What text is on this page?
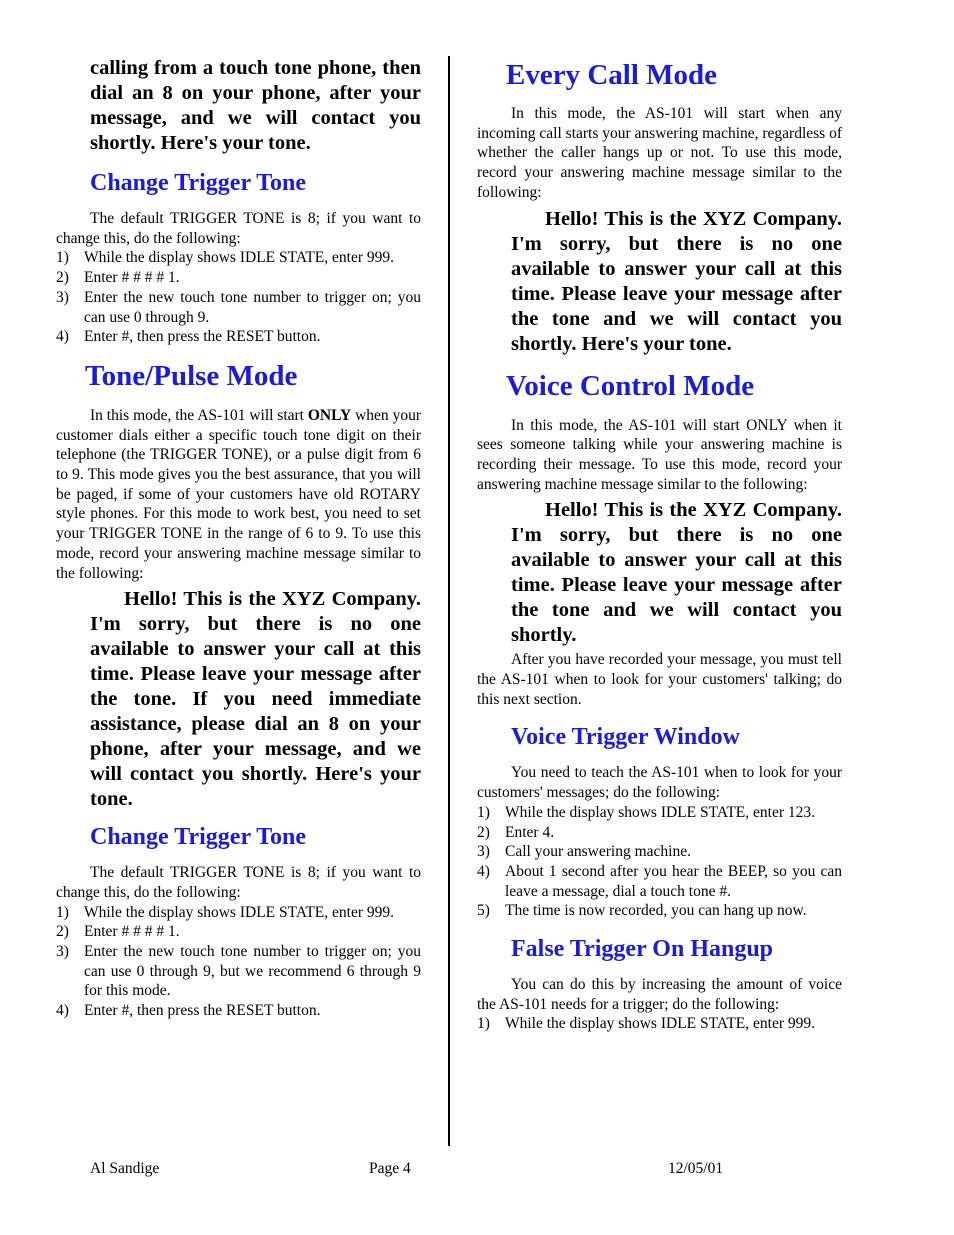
calling from a touch tone phone, then dial an 8 on your phone, after your message, and we will contact you shortly. Here's your tone.

Change Trigger Tone

The default TRIGGER TONE is 8; if you want to change this, do the following:

1) While the display shows IDLE STATE, enter 999.
2) Enter # # # # 1.
3) Enter the new touch tone number to trigger on; you can use 0 through 9.
4) Enter #, then press the RESET button.
Tone/Pulse Mode

In this mode, the AS-101 will start ONLY when your customer dials either a specific touch tone digit on their telephone (the TRIGGER TONE), or a pulse digit from 6 to 9. This mode gives you the best assurance, that you will be paged, if some of your customers have old ROTARY style phones. For this mode to work best, you need to set your TRIGGER TONE in the range of 6 to 9. To use this mode, record your answering machine message similar to the following:

Hello! This is the XYZ Company. I'm sorry, but there is no one available to answer your call at this time. Please leave your message after the tone. If you need immediate assistance, please dial an 8 on your phone, after your message, and we will contact you shortly. Here's your tone.

Change Trigger Tone

The default TRIGGER TONE is 8; if you want to change this, do the following:

1) While the display shows IDLE STATE, enter 999.
2) Enter # # # # 1.
3) Enter the new touch tone number to trigger on; you can use 0 through 9, but we recommend 6 through 9 for this mode.
4) Enter #, then press the RESET button.
Every Call Mode

In this mode, the AS-101 will start when any incoming call starts your answering machine, regardless of whether the caller hangs up or not. To use this mode, record your answering machine message similar to the following:

Hello! This is the XYZ Company. I'm sorry, but there is no one available to answer your call at this time. Please leave your message after the tone and we will contact you shortly. Here's your tone.

Voice Control Mode

In this mode, the AS-101 will start ONLY when it sees someone talking while your answering machine is recording their message. To use this mode, record your answering machine message similar to the following:

Hello! This is the XYZ Company. I'm sorry, but there is no one available to answer your call at this time. Please leave your message after the tone and we will contact you shortly.

After you have recorded your message, you must tell the AS-101 when to look for your customers' talking; do this next section.

Voice Trigger Window

You need to teach the AS-101 when to look for your customers' messages; do the following:

1) While the display shows IDLE STATE, enter 123.
2) Enter 4.
3) Call your answering machine.
4) About 1 second after you hear the BEEP, so you can leave a message, dial a touch tone #.
5) The time is now recorded, you can hang up now.
False Trigger On Hangup

You can do this by increasing the amount of voice the AS-101 needs for a trigger; do the following:

1) While the display shows IDLE STATE, enter 999.
Al Sandige	Page 4	12/05/01
